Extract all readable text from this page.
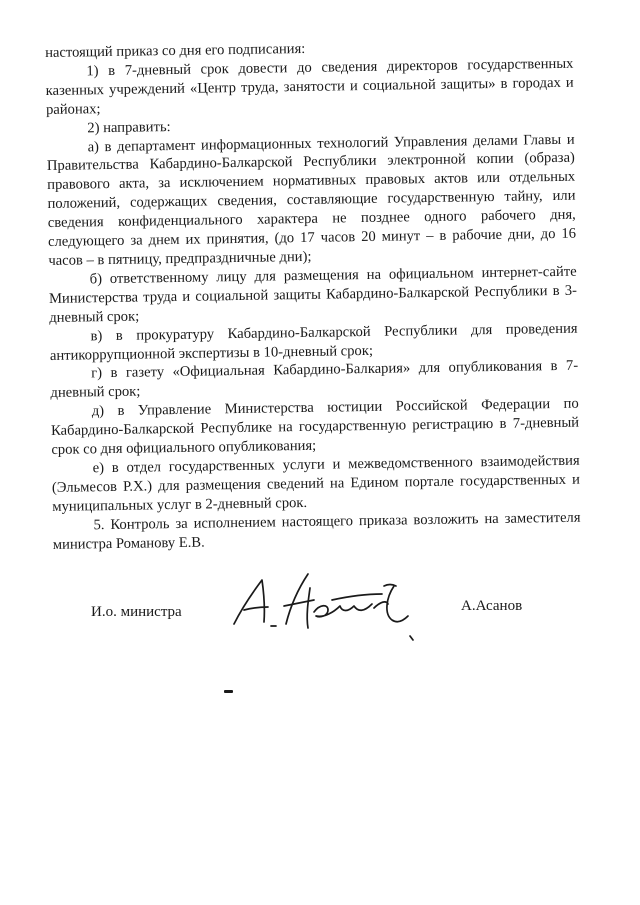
настоящий приказ со дня его подписания:

1) в 7-дневный срок довести до сведения директоров государственных казенных учреждений «Центр труда, занятости и социальной защиты» в городах и районах;

2) направить:

а) в департамент информационных технологий Управления делами Главы и Правительства Кабардино-Балкарской Республики электронной копии (образа) правового акта, за исключением нормативных правовых актов или отдельных положений, содержащих сведения, составляющие государственную тайну, или сведения конфиденциального характера не позднее одного рабочего дня, следующего за днем их принятия, (до 17 часов 20 минут – в рабочие дни, до 16 часов – в пятницу, предпраздничные дни);

б) ответственному лицу для размещения на официальном интернет-сайте Министерства труда и социальной защиты Кабардино-Балкарской Республики в 3-дневный срок;

в) в прокуратуру Кабардино-Балкарской Республики для проведения антикоррупционной экспертизы в 10-дневный срок;

г) в газету «Официальная Кабардино-Балкария» для опубликования в 7-дневный срок;

д) в Управление Министерства юстиции Российской Федерации по Кабардино-Балкарской Республике на государственную регистрацию в 7-дневный срок со дня официального опубликования;

е) в отдел государственных услуги и межведомственного взаимодействия (Эльмесов Р.Х.) для размещения сведений на Едином портале государственных и муниципальных услуг в 2-дневный срок.

5. Контроль за исполнением настоящего приказа возложить на заместителя министра Романову Е.В.

И.о. министра	А.Асанов
